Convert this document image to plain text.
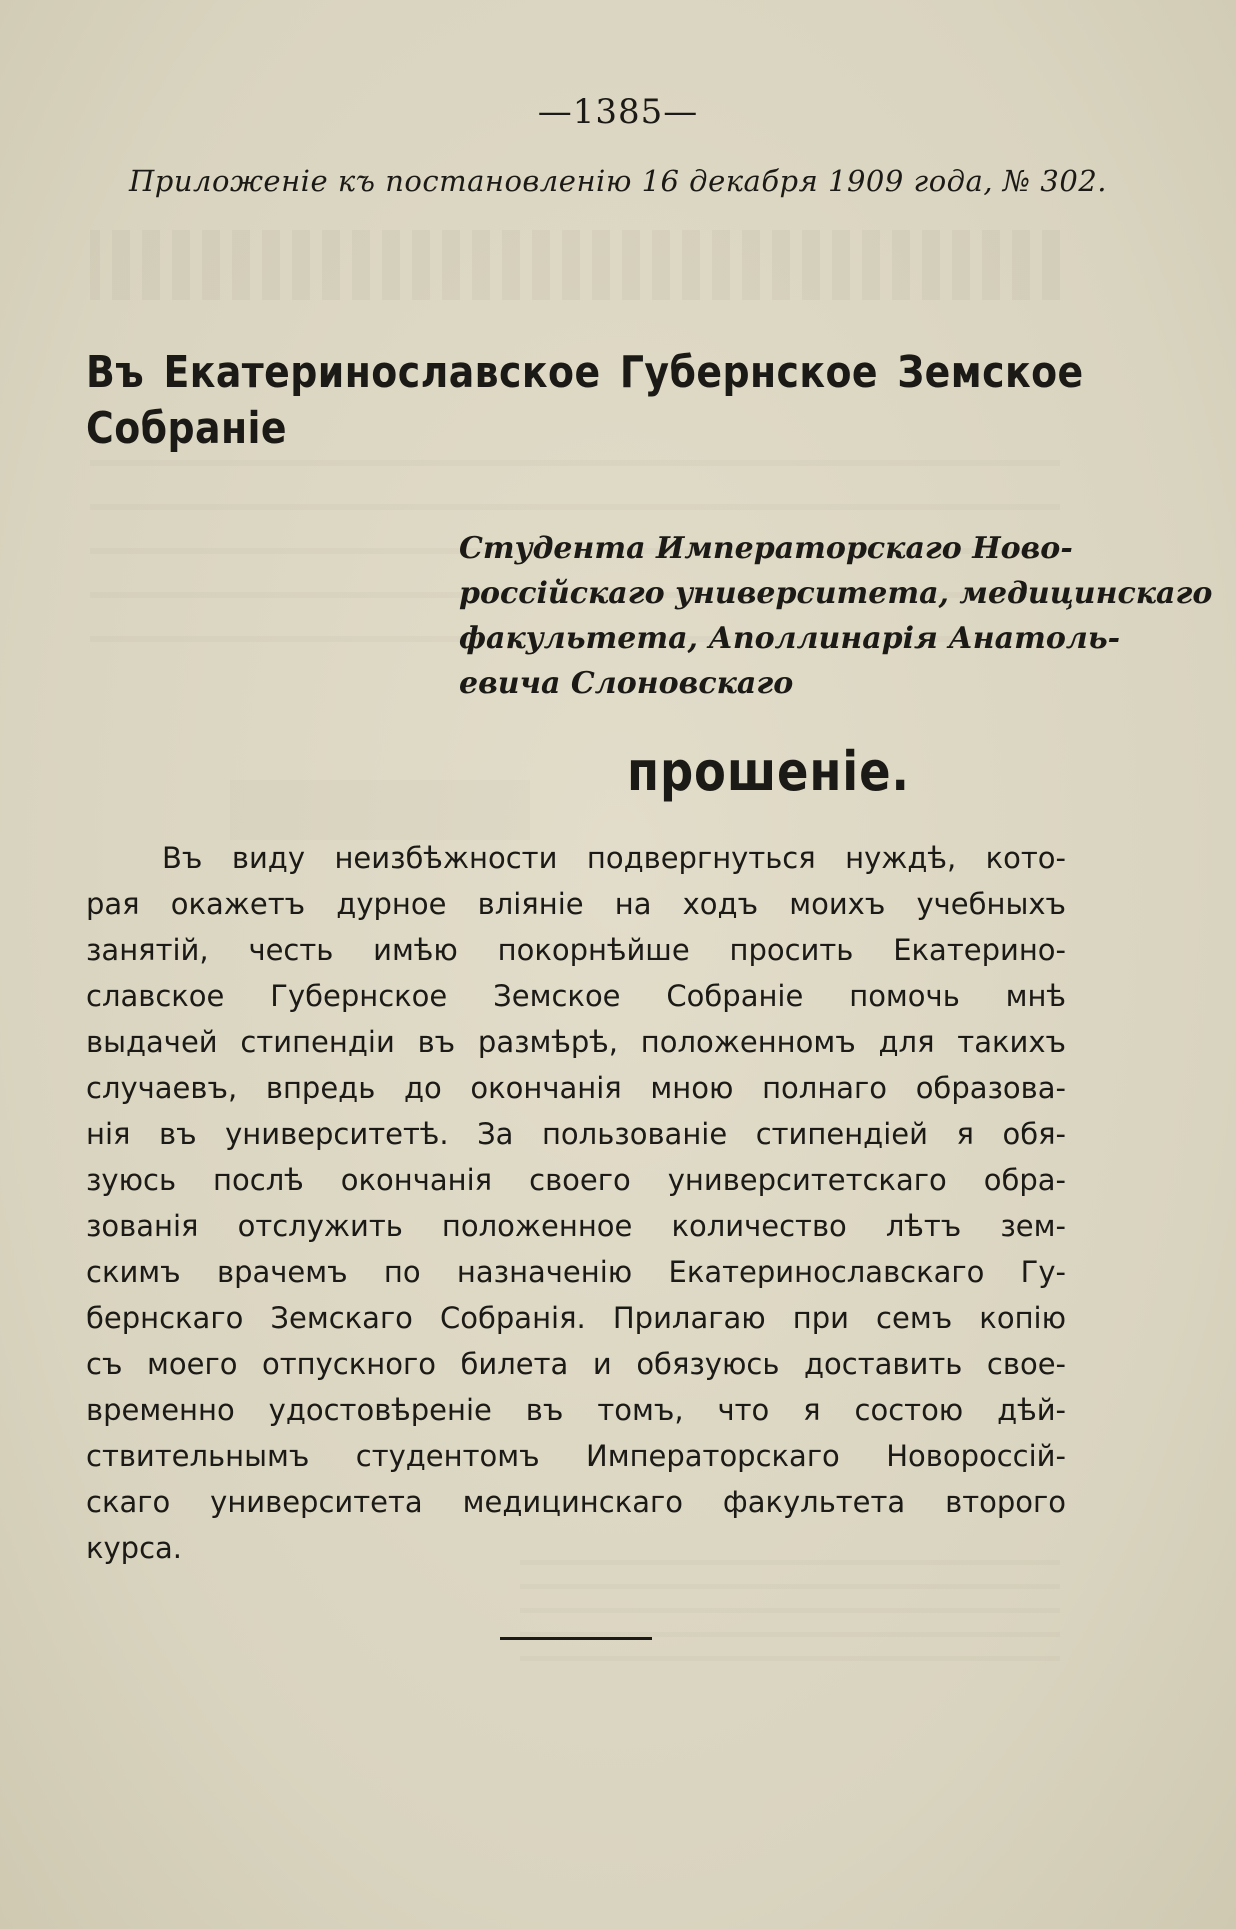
—1385—
Приложеніе къ постановленію 16 декабря 1909 года, № 302.
Въ Екатеринославское Губернское Земское
Собраніе
Студента Императорскаго Ново-
россійскаго университета, медицинскаго
факультета, Аполлинарія Анатоль-
евича Слоновскаго
прошеніе.
Въ виду неизбѣжности подвергнуться нуждѣ, кото-
рая окажетъ дурное вліяніе на ходъ моихъ учебныхъ
занятій, честь имѣю покорнѣйше просить Екатерино-
славское Губернское Земское Собраніе помочь мнѣ
выдачей стипендіи въ размѣрѣ, положенномъ для такихъ
случаевъ, впредь до окончанія мною полнаго образова-
нія въ университетѣ. За пользованіе стипендіей я обя-
зуюсь послѣ окончанія своего университетскаго обра-
зованія отслужить положенное количество лѣтъ зем-
скимъ врачемъ по назначенію Екатеринославскаго Гу-
бернскаго Земскаго Собранія. Прилагаю при семъ копію
съ моего отпускного билета и обязуюсь доставить свое-
временно удостовѣреніе въ томъ, что я состою дѣй-
ствительнымъ студентомъ Императорскаго Новороссій-
скаго университета медицинскаго факультета второго
курса.
